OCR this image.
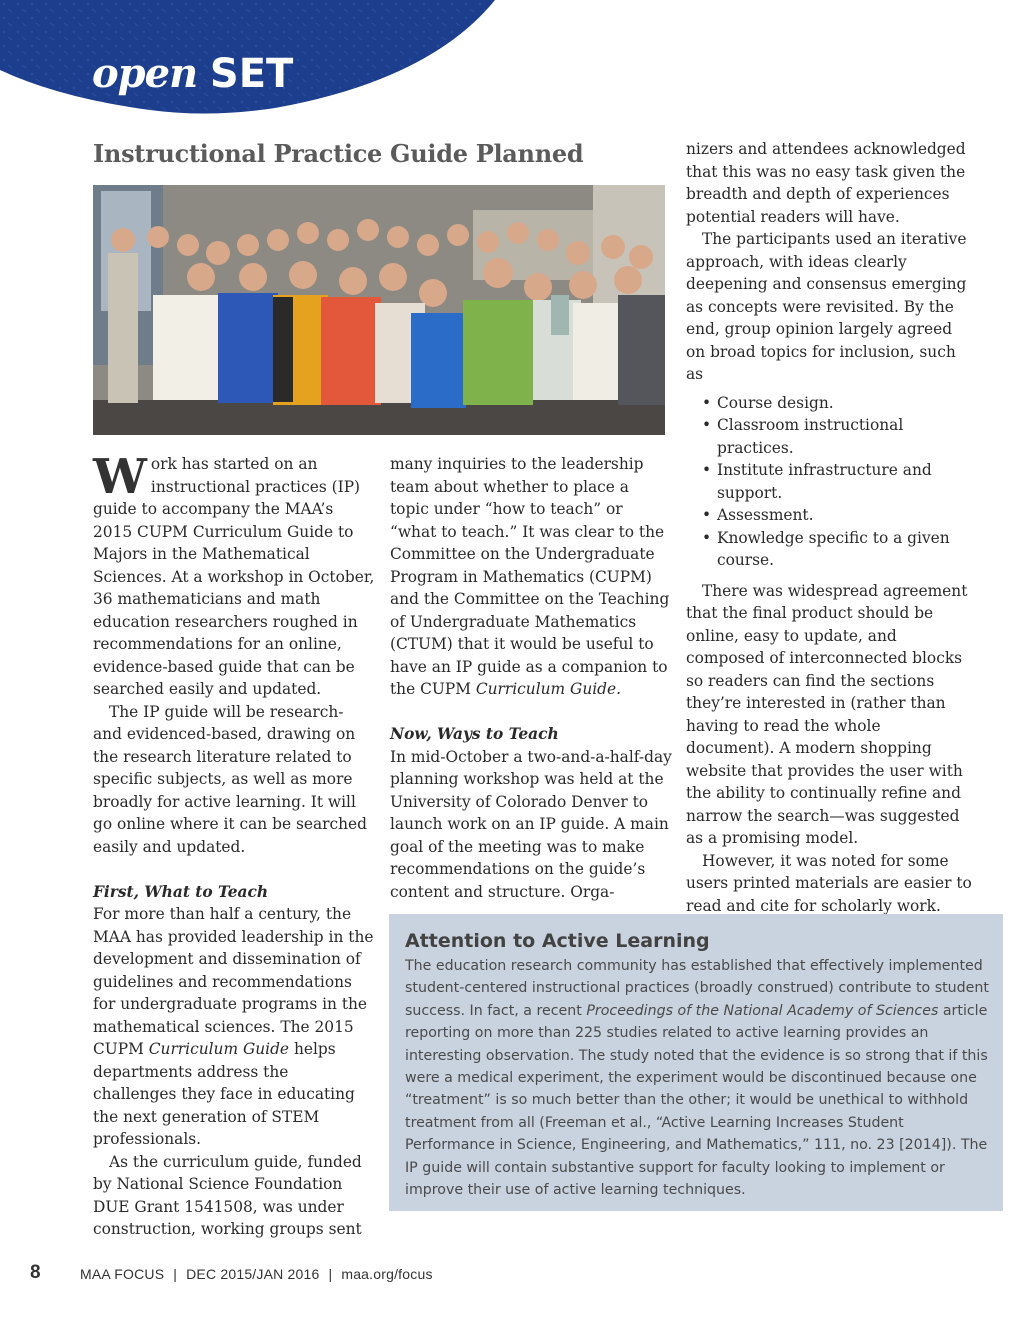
open SET
Instructional Practice Guide Planned

Work has started on an instructional practices (IP) guide to accompany the MAA’s 2015 CUPM Curriculum Guide to Majors in the Mathematical Sciences. At a workshop in October, 36 mathematicians and math education researchers roughed in recommendations for an online, evidence-based guide that can be searched easily and updated.

The IP guide will be research- and evidenced-based, drawing on the research literature related to specific subjects, as well as more broadly for active learning. It will go online where it can be searched easily and updated.

First, What to Teach

For more than half a century, the MAA has provided leadership in the development and dissemination of guidelines and recommendations for undergraduate programs in the mathematical sciences. The 2015 CUPM Curriculum Guide helps departments address the challenges they face in educating the next generation of STEM professionals.

As the curriculum guide, funded by National Science Foundation DUE Grant 1541508, was under construction, working groups sent

many inquiries to the leadership team about whether to place a topic under “how to teach” or “what to teach.” It was clear to the Committee on the Undergraduate Program in Mathematics (CUPM) and the Committee on the Teaching of Undergraduate Mathematics (CTUM) that it would be useful to have an IP guide as a companion to the CUPM Curriculum Guide.

Now, Ways to Teach

In mid-October a two-and-a-half-day planning workshop was held at the University of Colorado Denver to launch work on an IP guide. A main goal of the meeting was to make recommendations on the guide’s content and structure. Orga-

nizers and attendees acknowledged that this was no easy task given the breadth and depth of experiences potential readers will have.

The participants used an iterative approach, with ideas clearly deepening and consensus emerging as concepts were revisited. By the end, group opinion largely agreed on broad topics for inclusion, such as

• Course design.
• Classroom instructional practices.
• Institute infrastructure and support.
• Assessment.
• Knowledge specific to a given course.

There was widespread agreement that the final product should be online, easy to update, and composed of interconnected blocks so readers can find the sections they’re interested in (rather than having to read the whole document). A modern shopping website that provides the user with the ability to continually refine and narrow the search—was suggested as a promising model.

However, it was noted for some users printed materials are easier to read and cite for scholarly work.

Attention to Active Learning
The education research community has established that effectively implemented student-centered instructional practices (broadly construed) contribute to student success. In fact, a recent Proceedings of the National Academy of Sciences article reporting on more than 225 studies related to active learning provides an interesting observation. The study noted that the evidence is so strong that if this were a medical experiment, the experiment would be discontinued because one “treatment” is so much better than the other; it would be unethical to withhold treatment from all (Freeman et al., “Active Learning Increases Student Performance in Science, Engineering, and Mathematics,” 111, no. 23 [2014]). The IP guide will contain substantive support for faculty looking to implement or improve their use of active learning techniques.
8	MAA FOCUS | DEC 2015/JAN 2016 | maa.org/focus
